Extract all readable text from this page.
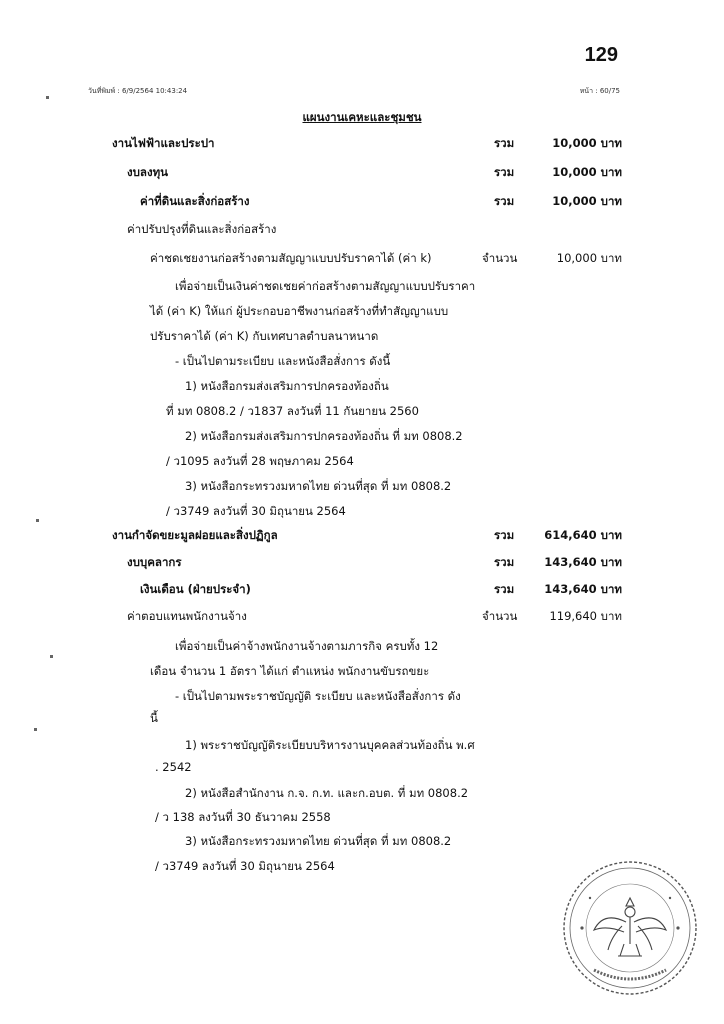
129
วันที่พิมพ์ : 6/9/2564 10:43:24	หน้า : 60/75
แผนงานเคหะและชุมชน
งานไฟฟ้าและประปา	รวม	10,000 บาท
งบลงทุน	รวม	10,000 บาท
ค่าที่ดินและสิ่งก่อสร้าง	รวม	10,000 บาท
ค่าปรับปรุงที่ดินและสิ่งก่อสร้าง
ค่าชดเชยงานก่อสร้างตามสัญญาแบบปรับราคาได้ (ค่า k)	จำนวน	10,000 บาท
เพื่อจ่ายเป็นเงินค่าชดเชยค่าก่อสร้างตามสัญญาแบบปรับราคา
ได้ (ค่า K) ให้แก่ ผู้ประกอบอาชีพงานก่อสร้างที่ทำสัญญาแบบ
ปรับราคาได้ (ค่า K) กับเทศบาลตำบลนาหนาด
- เป็นไปตามระเบียบ และหนังสือสั่งการ ดังนี้
1) หนังสือกรมส่งเสริมการปกครองท้องถิ่น
ที่ มท 0808.2 / ว1837 ลงวันที่ 11 กันยายน 2560
2) หนังสือกรมส่งเสริมการปกครองท้องถิ่น ที่ มท 0808.2
/ ว1095 ลงวันที่ 28 พฤษภาคม 2564
3) หนังสือกระทรวงมหาดไทย ด่วนที่สุด ที่ มท 0808.2
/ ว3749 ลงวันที่ 30 มิถุนายน 2564
งานกำจัดขยะมูลฝอยและสิ่งปฏิกูล	รวม	614,640 บาท
งบบุคลากร	รวม	143,640 บาท
เงินเดือน (ฝ่ายประจำ)	รวม	143,640 บาท
ค่าตอบแทนพนักงานจ้าง	จำนวน	119,640 บาท
เพื่อจ่ายเป็นค่าจ้างพนักงานจ้างตามภารกิจ ครบทั้ง 12
เดือน จำนวน 1 อัตรา ได้แก่ ตำแหน่ง พนักงานขับรถขยะ
- เป็นไปตามพระราชบัญญัติ ระเบียบ และหนังสือสั่งการ ดัง
นี้
1) พระราชบัญญัติระเบียบบริหารงานบุคคลส่วนท้องถิ่น พ.ศ
. 2542
2) หนังสือสำนักงาน ก.จ. ก.ท. และก.อบต. ที่ มท 0808.2
/ ว 138 ลงวันที่ 30 ธันวาคม 2558
3) หนังสือกระทรวงมหาดไทย ด่วนที่สุด ที่ มท 0808.2
/ ว3749 ลงวันที่ 30 มิถุนายน 2564
